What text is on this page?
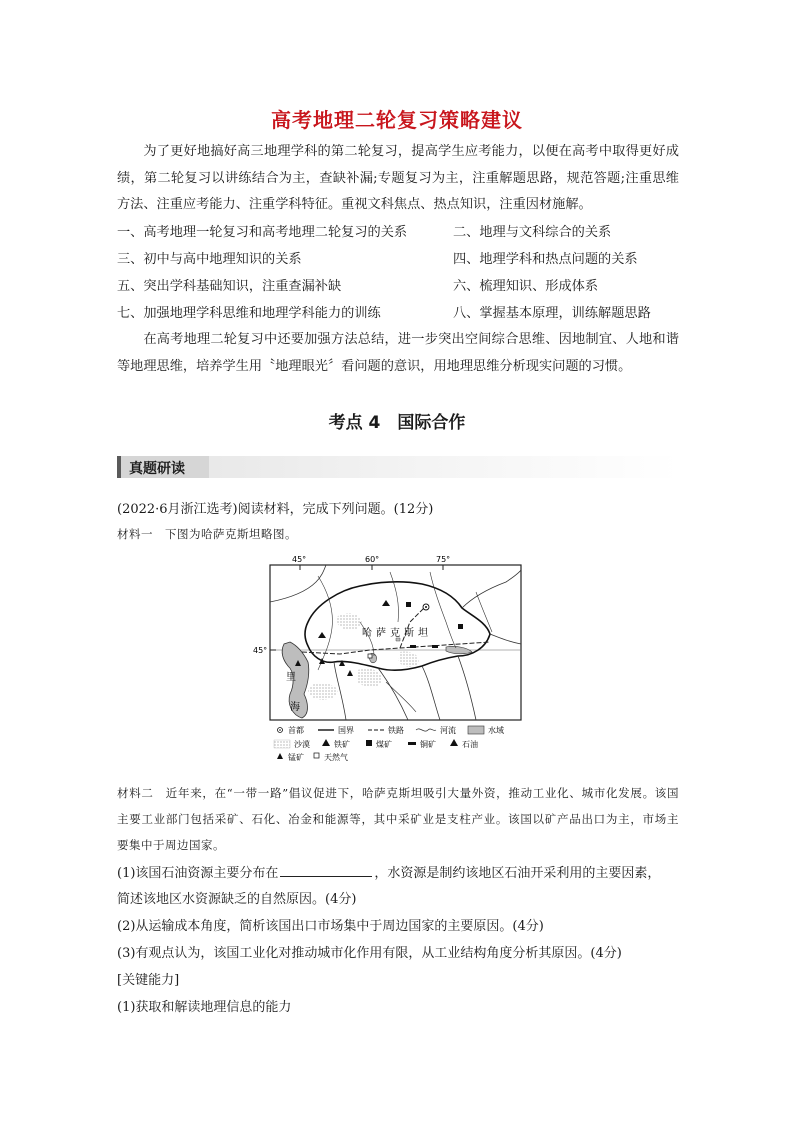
高考地理二轮复习策略建议

为了更好地搞好高三地理学科的第二轮复习，提高学生应考能力，以便在高考中取得更好成绩，第二轮复习以讲练结合为主，查缺补漏;专题复习为主，注重解题思路，规范答题;注重思维方法、注重应考能力、注重学科特征。重视文科焦点、热点知识，注重因材施解。

一、高考地理一轮复习和高考地理二轮复习的关系	二、地理与文科综合的关系
三、初中与高中地理知识的关系	四、地理学科和热点问题的关系
五、突出学科基础知识，注重查漏补缺	六、梳理知识、形成体系
七、加强地理学科思维和地理学科能力的训练	八、掌握基本原理，训练解题思路

在高考地理二轮复习中还要加强方法总结，进一步突出空间综合思维、因地制宜、人地和谐等地理思维，培养学生用〝地理眼光〞看问题的意识，用地理思维分析现实问题的习惯。

考点 4　国际合作
真题研读
(2022·6月浙江选考)阅读材料，完成下列问题。(12分)
材料一　下图为哈萨克斯坦略图。
45°	60°	75°
45°
哈 萨 克 斯 坦
里
海
首都	国界	铁路	河流	水域
沙漠	铁矿	煤矿	铜矿	石油
锰矿	天然气
材料二　近年来，在“一带一路”倡议促进下，哈萨克斯坦吸引大量外资，推动工业化、城市化发展。该国主要工业部门包括采矿、石化、冶金和能源等，其中采矿业是支柱产业。该国以矿产品出口为主，市场主要集中于周边国家。
(1)该国石油资源主要分布在	，水资源是制约该地区石油开采利用的主要因素，
简述该地区水资源缺乏的自然原因。(4分)
(2)从运输成本角度，简析该国出口市场集中于周边国家的主要原因。(4分)
(3)有观点认为，该国工业化对推动城市化作用有限，从工业结构角度分析其原因。(4分)
[关键能力]
(1)获取和解读地理信息的能力
